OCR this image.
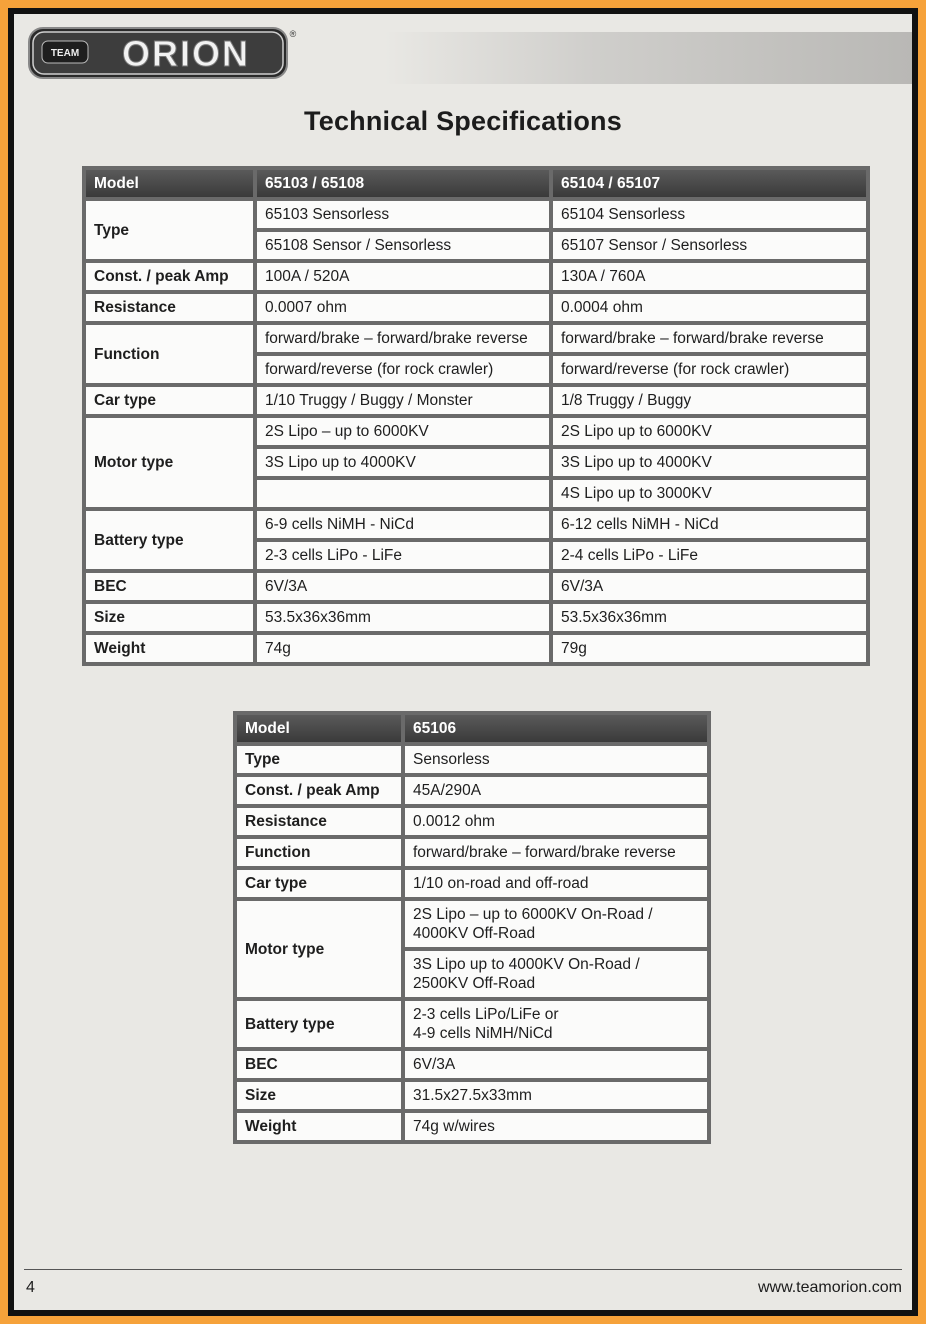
TEAM ORION	®
Technical Specifications
Model	65103 / 65108	65104 / 65107
Type	65103 Sensorless	65104 Sensorless
	65108 Sensor / Sensorless	65107 Sensor / Sensorless
Const. / peak Amp	100A / 520A	130A / 760A
Resistance	0.0007 ohm	0.0004 ohm
Function	forward/brake – forward/brake reverse	forward/brake – forward/brake reverse
	forward/reverse (for rock crawler)	forward/reverse (for rock crawler)
Car type	1/10 Truggy / Buggy / Monster	1/8 Truggy / Buggy
Motor type	2S Lipo – up to 6000KV	2S Lipo up to 6000KV
	3S Lipo up to 4000KV	3S Lipo up to 4000KV
		4S Lipo up to 3000KV
Battery type	6-9 cells NiMH - NiCd	6-12 cells NiMH - NiCd
	2-3 cells LiPo - LiFe	2-4 cells LiPo - LiFe
BEC	6V/3A	6V/3A
Size	53.5x36x36mm	53.5x36x36mm
Weight	74g	79g
Model	65106
Type	Sensorless
Const. / peak Amp	45A/290A
Resistance	0.0012 ohm
Function	forward/brake – forward/brake reverse
Car type	1/10 on-road and off-road
Motor type	2S Lipo – up to 6000KV On-Road /
4000KV Off-Road

	3S Lipo up to 4000KV On-Road /
2500KV Off-Road

Battery type	2-3 cells LiPo/LiFe or
4-9 cells NiMH/NiCd

BEC	6V/3A
Size	31.5x27.5x33mm
Weight	74g w/wires
4	www.teamorion.com
